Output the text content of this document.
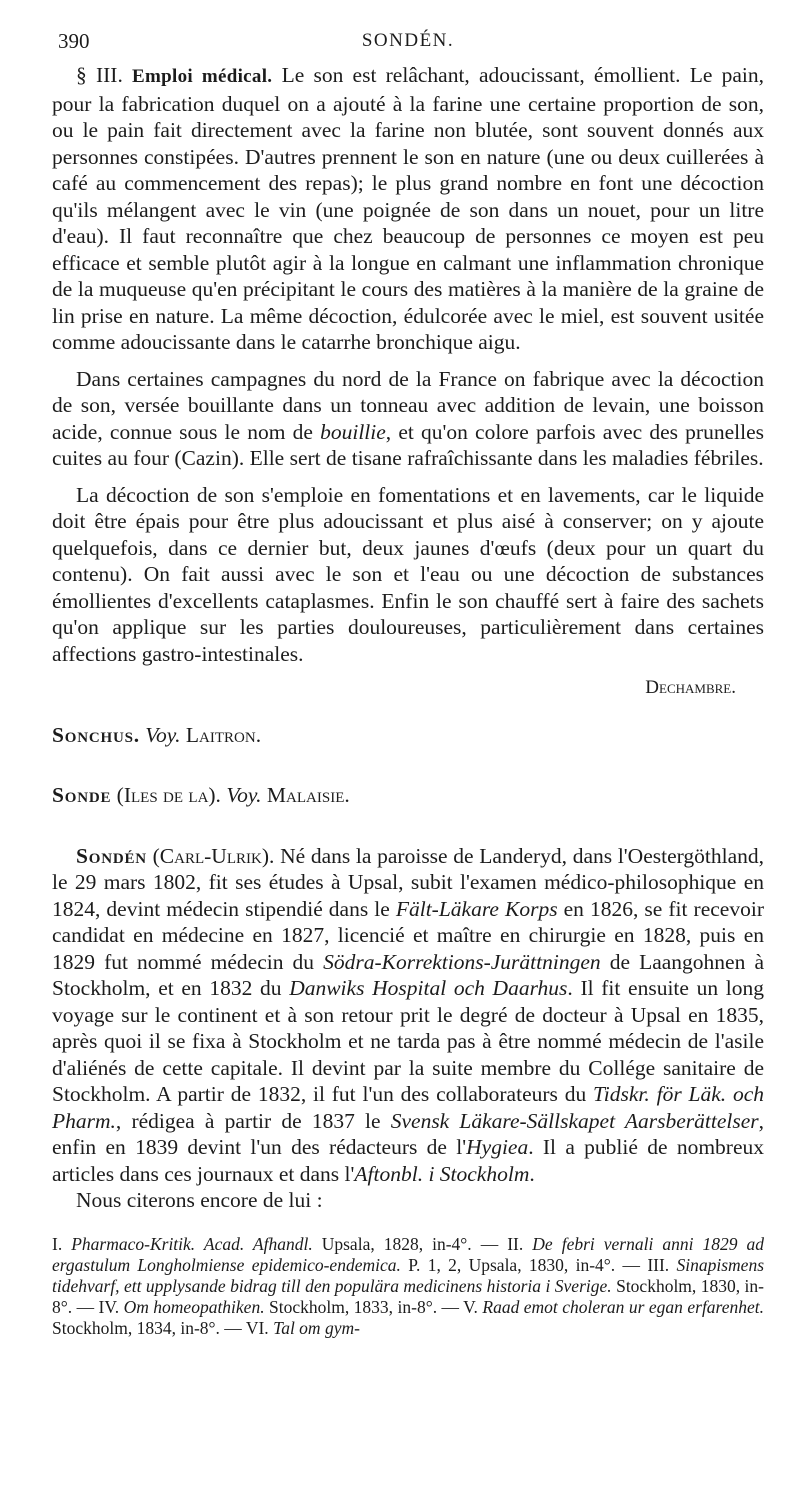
390	SONDÉN.

§ III. Emploi médical. Le son est relâchant, adoucissant, émollient. Le pain, pour la fabrication duquel on a ajouté à la farine une certaine proportion de son, ou le pain fait directement avec la farine non blutée, sont souvent donnés aux personnes constipées. D'autres prennent le son en nature (une ou deux cuillerées à café au commencement des repas); le plus grand nombre en font une décoction qu'ils mélangent avec le vin (une poignée de son dans un nouet, pour un litre d'eau). Il faut reconnaître que chez beaucoup de personnes ce moyen est peu efficace et semble plutôt agir à la longue en calmant une inflammation chronique de la muqueuse qu'en précipitant le cours des matières à la manière de la graine de lin prise en nature. La même décoction, édulcorée avec le miel, est souvent usitée comme adoucissante dans le catarrhe bronchique aigu.

Dans certaines campagnes du nord de la France on fabrique avec la décoction de son, versée bouillante dans un tonneau avec addition de levain, une boisson acide, connue sous le nom de bouillie, et qu'on colore parfois avec des prunelles cuites au four (Cazin). Elle sert de tisane rafraîchissante dans les maladies fébriles.

La décoction de son s'emploie en fomentations et en lavements, car le liquide doit être épais pour être plus adoucissant et plus aisé à conserver; on y ajoute quelquefois, dans ce dernier but, deux jaunes d'œufs (deux pour un quart du contenu). On fait aussi avec le son et l'eau ou une décoction de substances émollientes d'excellents cataplasmes. Enfin le son chauffé sert à faire des sachets qu'on applique sur les parties douloureuses, particulièrement dans certaines affections gastro-intestinales.

Dechambre.
Sonchus. Voy. Laitron.
Sonde (Iles de la). Voy. Malaisie.

Sondén (Carl-Ulrik). Né dans la paroisse de Landeryd, dans l'Oestergöthland, le 29 mars 1802, fit ses études à Upsal, subit l'examen médico-philosophique en 1824, devint médecin stipendié dans le Fält-Läkare Korps en 1826, se fit recevoir candidat en médecine en 1827, licencié et maître en chirurgie en 1828, puis en 1829 fut nommé médecin du Södra-Korrektions-Jurättningen de Laangohnen à Stockholm, et en 1832 du Danwiks Hospital och Daarhus. Il fit ensuite un long voyage sur le continent et à son retour prit le degré de docteur à Upsal en 1835, après quoi il se fixa à Stockholm et ne tarda pas à être nommé médecin de l'asile d'aliénés de cette capitale. Il devint par la suite membre du Collége sanitaire de Stockholm. A partir de 1832, il fut l'un des collaborateurs du Tidskr. för Läk. och Pharm., rédigea à partir de 1837 le Svensk Läkare-Sällskapet Aarsberättelser, enfin en 1839 devint l'un des rédacteurs de l'Hygiea. Il a publié de nombreux articles dans ces journaux et dans l'Aftonbl. i Stockholm.

Nous citerons encore de lui :

I. Pharmaco-Kritik. Acad. Afhandl. Upsala, 1828, in-4°. — II. De febri vernali anni 1829 ad ergastulum Longholmiense epidemico-endemica. P. 1, 2, Upsala, 1830, in-4°. — III. Sinapismens tidehvarf, ett upplysande bidrag till den populära medicinens historia i Sverige. Stockholm, 1830, in-8°. — IV. Om homeopathiken. Stockholm, 1833, in-8°. — V. Raad emot choleran ur egan erfarenhet. Stockholm, 1834, in-8°. — VI. Tal om gym-
